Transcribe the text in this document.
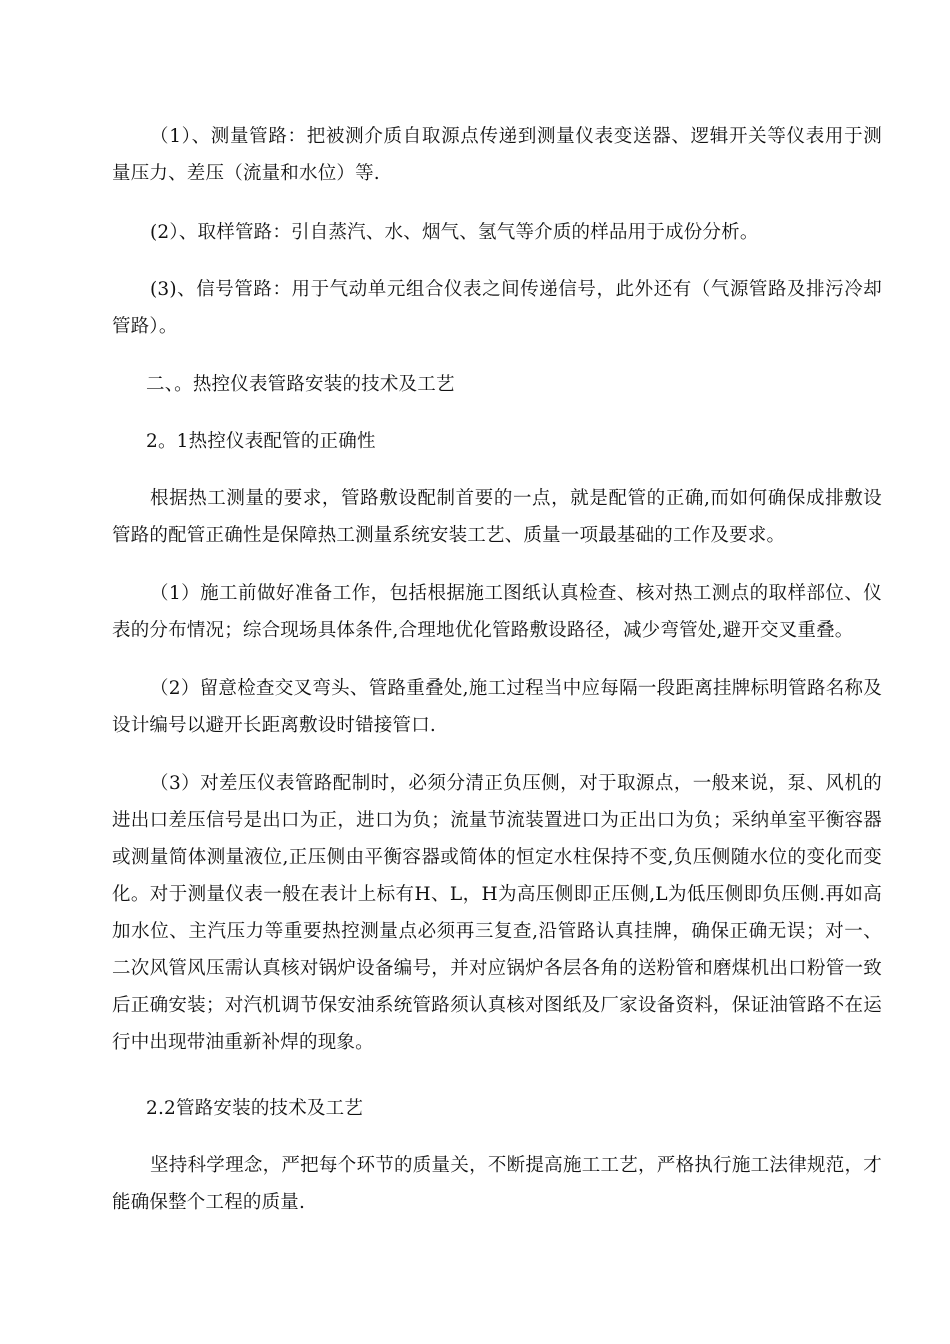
（1）、测量管路：把被测介质自取源点传递到测量仪表变送器、逻辑开关等仪表用于测量压力、差压（流量和水位）等.

(2）、取样管路：引自蒸汽、水、烟气、氢气等介质的样品用于成份分析。

(3)、信号管路：用于气动单元组合仪表之间传递信号，此外还有（气源管路及排污冷却管路）。

二、。热控仪表管路安装的技术及工艺

2。1热控仪表配管的正确性

根据热工测量的要求，管路敷设配制首要的一点，就是配管的正确,而如何确保成排敷设管路的配管正确性是保障热工测量系统安装工艺、质量一项最基础的工作及要求。

（1）施工前做好准备工作，包括根据施工图纸认真检查、核对热工测点的取样部位、仪表的分布情况；综合现场具体条件,合理地优化管路敷设路径，减少弯管处,避开交叉重叠。

（2）留意检查交叉弯头、管路重叠处,施工过程当中应每隔一段距离挂牌标明管路名称及设计编号以避开长距离敷设时错接管口.

（3）对差压仪表管路配制时，必须分清正负压侧，对于取源点，一般来说，泵、风机的进出口差压信号是出口为正，进口为负；流量节流装置进口为正出口为负；采纳单室平衡容器或测量简体测量液位,正压侧由平衡容器或简体的恒定水柱保持不变,负压侧随水位的变化而变化。对于测量仪表一般在表计上标有H、L，H为高压侧即正压侧,L为低压侧即负压侧.再如高加水位、主汽压力等重要热控测量点必须再三复查,沿管路认真挂牌，确保正确无误；对一、二次风管风压需认真核对锅炉设备编号，并对应锅炉各层各角的送粉管和磨煤机出口粉管一致后正确安装；对汽机调节保安油系统管路须认真核对图纸及厂家设备资料，保证油管路不在运行中出现带油重新补焊的现象。

2.2管路安装的技术及工艺

坚持科学理念，严把每个环节的质量关，不断提高施工工艺，严格执行施工法律规范，才能确保整个工程的质量.
